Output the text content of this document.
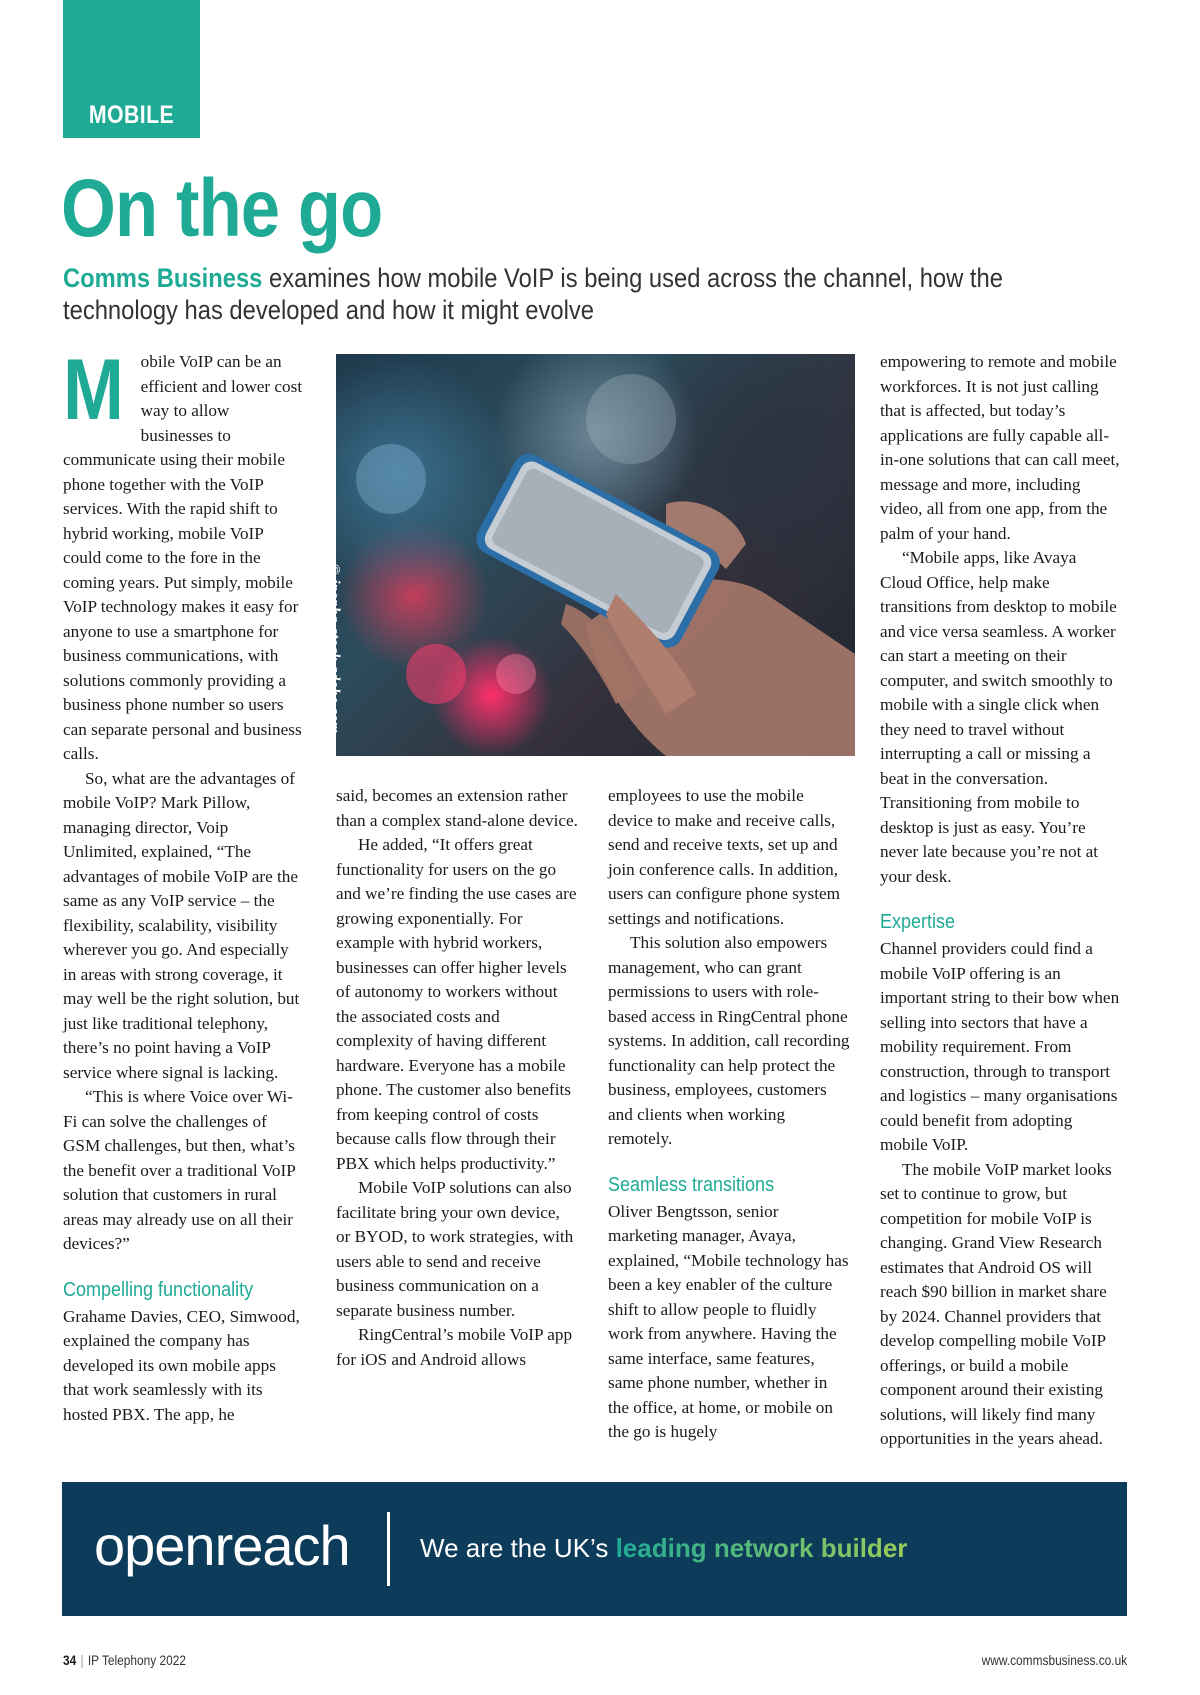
MOBILE
On the go

Comms Business examines how mobile VoIP is being used across the channel, how the technology has developed and how it might evolve

Mobile VoIP can be an efficient and lower cost way to allow businesses to communicate using their mobile phone together with the VoIP services. With the rapid shift to hybrid working, mobile VoIP could come to the fore in the coming years. Put simply, mobile VoIP technology makes it easy for anyone to use a smartphone for business communications, with solutions commonly providing a business phone number so users can separate personal and business calls.

So, what are the advantages of mobile VoIP? Mark Pillow, managing director, Voip Unlimited, explained, “The advantages of mobile VoIP are the same as any VoIP service – the flexibility, scalability, visibility wherever you go. And especially in areas with strong coverage, it may well be the right solution, but just like traditional telephony, there’s no point having a VoIP service where signal is lacking.

“This is where Voice over Wi-Fi can solve the challenges of GSM challenges, but then, what’s the benefit over a traditional VoIP solution that customers in rural areas may already use on all their devices?”

Compelling functionality

Grahame Davies, CEO, Simwood, explained the company has developed its own mobile apps that work seamlessly with its hosted PBX. The app, he

© ipopba-stock.adobe.com

said, becomes an extension rather than a complex stand-alone device.

He added, “It offers great functionality for users on the go and we’re finding the use cases are growing exponentially. For example with hybrid workers, businesses can offer higher levels of autonomy to workers without the associated costs and complexity of having different hardware. Everyone has a mobile phone. The customer also benefits from keeping control of costs because calls flow through their PBX which helps productivity.”

Mobile VoIP solutions can also facilitate bring your own device, or BYOD, to work strategies, with users able to send and receive business communication on a separate business number.

RingCentral’s mobile VoIP app for iOS and Android allows

employees to use the mobile device to make and receive calls, send and receive texts, set up and join conference calls. In addition, users can configure phone system settings and notifications.

This solution also empowers management, who can grant permissions to users with role-based access in RingCentral phone systems. In addition, call recording functionality can help protect the business, employees, customers and clients when working remotely.

Seamless transitions

Oliver Bengtsson, senior marketing manager, Avaya, explained, “Mobile technology has been a key enabler of the culture shift to allow people to fluidly work from anywhere. Having the same interface, same features, same phone number, whether in the office, at home, or mobile on the go is hugely

empowering to remote and mobile workforces. It is not just calling that is affected, but today’s applications are fully capable all-in-one solutions that can call meet, message and more, including video, all from one app, from the palm of your hand.

“Mobile apps, like Avaya Cloud Office, help make transitions from desktop to mobile and vice versa seamless. A worker can start a meeting on their computer, and switch smoothly to mobile with a single click when they need to travel without interrupting a call or missing a beat in the conversation. Transitioning from mobile to desktop is just as easy. You’re never late because you’re not at your desk.

Expertise

Channel providers could find a mobile VoIP offering is an important string to their bow when selling into sectors that have a mobility requirement. From construction, through to transport and logistics – many organisations could benefit from adopting mobile VoIP.

The mobile VoIP market looks set to continue to grow, but competition for mobile VoIP is changing. Grand View Research estimates that Android OS will reach $90 billion in market share by 2024. Channel providers that develop compelling mobile VoIP offerings, or build a mobile component around their existing solutions, will likely find many opportunities in the years ahead.

openreach	We are the UK’s leading network builder
34 | IP Telephony 2022	www.commsbusiness.co.uk
